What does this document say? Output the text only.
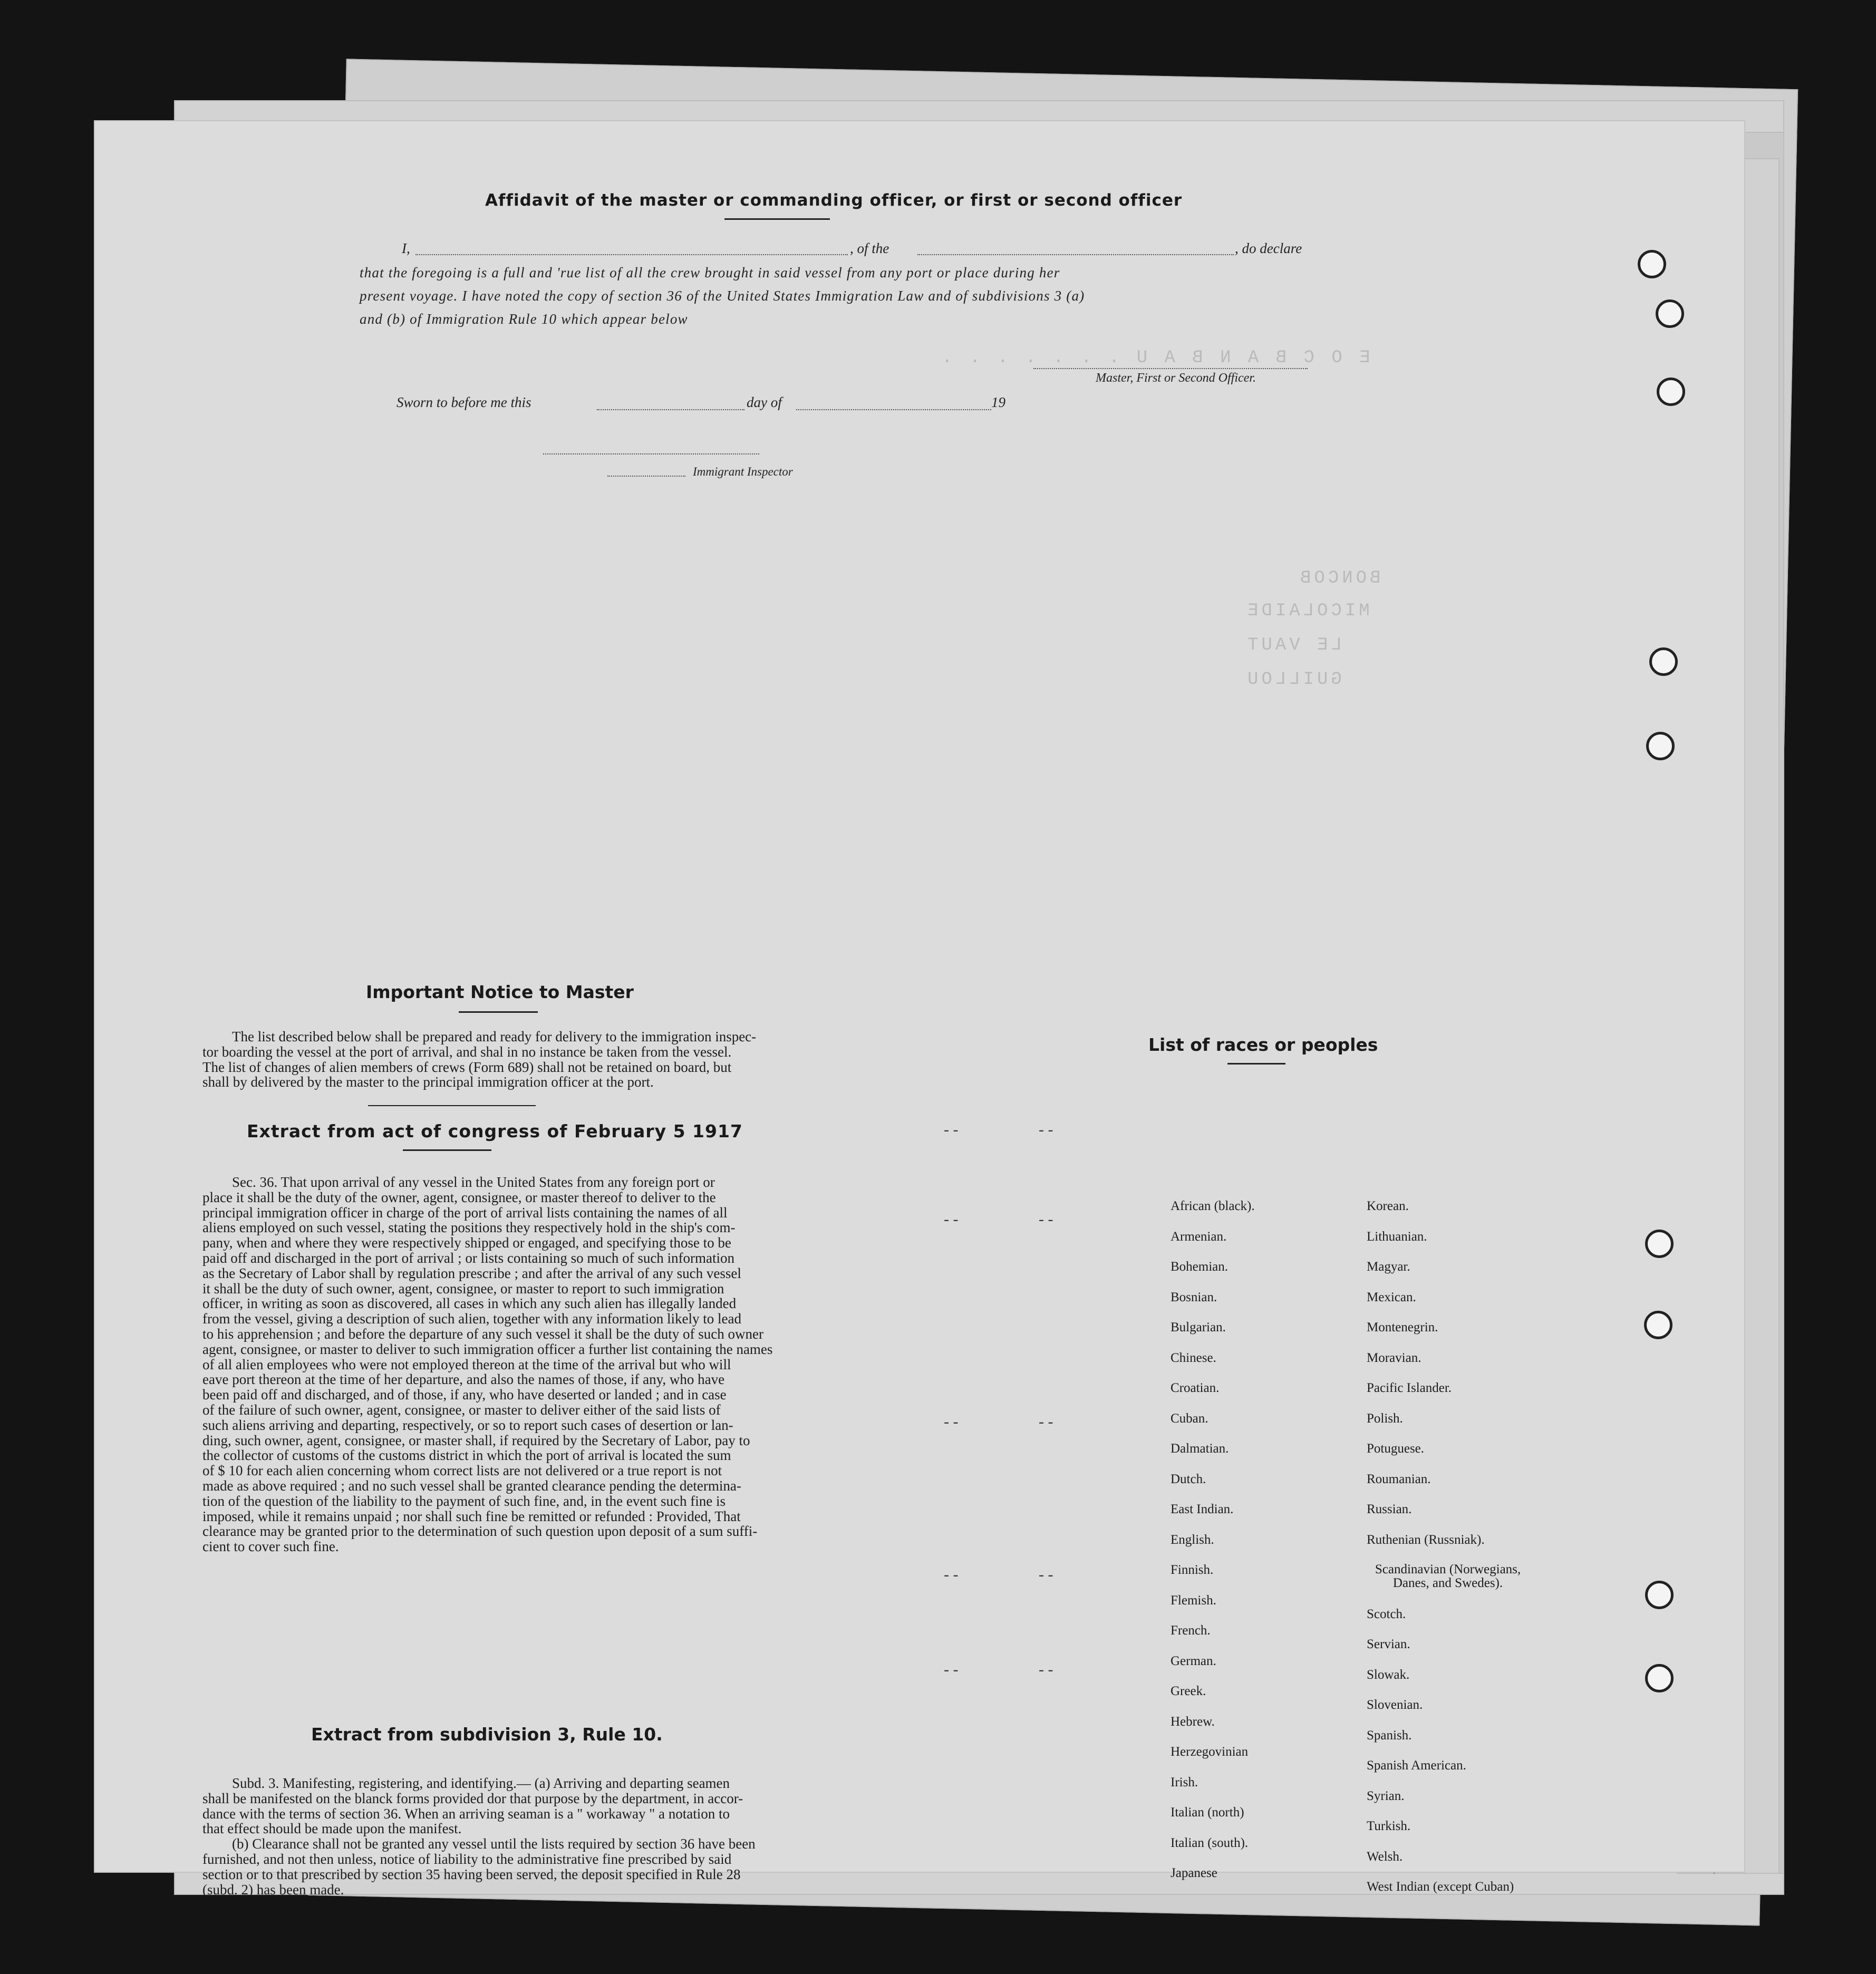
E O C B A N B A U . . . . . . .
BONCOB
MICOLAIDE
LE VAUT
GUILLOU
Affidavit of the master or commanding officer, or first or second officer
I,	, of the	, do declare
that the foregoing is a full and 'rue list of all the crew brought in said vessel from any port or place during her
present voyage. I have noted the copy of section 36 of the United States Immigration Law and of subdivisions 3 (a)
and (b) of Immigration Rule 10 which appear below
Master, First or Second Officer.
Sworn to before me this	day of	19
Immigrant Inspector
Important Notice to Master
The list described below shall be prepared and ready for delivery to the immigration inspec-
tor boarding the vessel at the port of arrival, and shal in no instance be taken from the vessel.
The list of changes of alien members of crews (Form 689) shall not be retained on board, but
shall by delivered by the master to the principal immigration officer at the port.
Extract from act of congress of February 5 1917
Sec. 36. That upon arrival of any vessel in the United States from any foreign port or
place it shall be the duty of the owner, agent, consignee, or master thereof to deliver to the
principal immigration officer in charge of the port of arrival lists containing the names of all
aliens employed on such vessel, stating the positions they respectively hold in the ship's com-
pany, when and where they were respectively shipped or engaged, and specifying those to be
paid off and discharged in the port of arrival ; or lists containing so much of such information
as the Secretary of Labor shall by regulation prescribe ; and after the arrival of any such vessel
it shall be the duty of such owner, agent, consignee, or master to report to such immigration
officer, in writing as soon as discovered, all cases in which any such alien has illegally landed
from the vessel, giving a description of such alien, together with any information likely to lead
to his apprehension ; and before the departure of any such vessel it shall be the duty of such owner
agent, consignee, or master to deliver to such immigration officer a further list containing the names
of all alien employees who were not employed thereon at the time of the arrival but who will
eave port thereon at the time of her departure, and also the names of those, if any, who have
been paid off and discharged, and of those, if any, who have deserted or landed ; and in case
of the failure of such owner, agent, consignee, or master to deliver either of the said lists of
such aliens arriving and departing, respectively, or so to report such cases of desertion or lan-
ding, such owner, agent, consignee, or master shall, if required by the Secretary of Labor, pay to
the collector of customs of the customs district in which the port of arrival is located the sum
of $ 10 for each alien concerning whom correct lists are not delivered or a true report is not
made as above required ; and no such vessel shall be granted clearance pending the determina-
tion of the question of the liability to the payment of such fine, and, in the event such fine is
imposed, while it remains unpaid ; nor shall such fine be remitted or refunded : Provided, That
clearance may be granted prior to the determination of such question upon deposit of a sum suffi-
cient to cover such fine.
Extract from subdivision 3, Rule 10.
Subd. 3. Manifesting, registering, and identifying.— (a) Arriving and departing seamen
shall be manifested on the blanck forms provided dor that purpose by the department, in accor-
dance with the terms of section 36. When an arriving seaman is a " workaway " a notation to
that effect should be made upon the manifest.
(b) Clearance shall not be granted any vessel until the lists required by section 36 have been
furnished, and not then unless, notice of liability to the administrative fine prescribed by said
section or to that prescribed by section 35 having been served, the deposit specified in Rule 28
(subd. 2) has been made.
List of races or peoples
African (black).
Armenian.
Bohemian.
Bosnian.
Bulgarian.
Chinese.
Croatian.
Cuban.
Dalmatian.
Dutch.
East Indian.
English.
Finnish.
Flemish.
French.
German.
Greek.
Hebrew.
Herzegovinian
Irish.
Italian (north)
Italian (south).
Japanese
Korean.
Lithuanian.
Magyar.
Mexican.
Montenegrin.
Moravian.
Pacific Islander.
Polish.
Potuguese.
Roumanian.
Russian.
Ruthenian (Russniak).
Scandinavian (Norwegians, Danes, and Swedes).
Scotch.
Servian.
Slowak.
Slovenian.
Spanish.
Spanish American.
Syrian.
Turkish.
Welsh.
West Indian (except Cuban)
- -	- -
- -	- -
- -	- -
- -	- -
- -	- -
